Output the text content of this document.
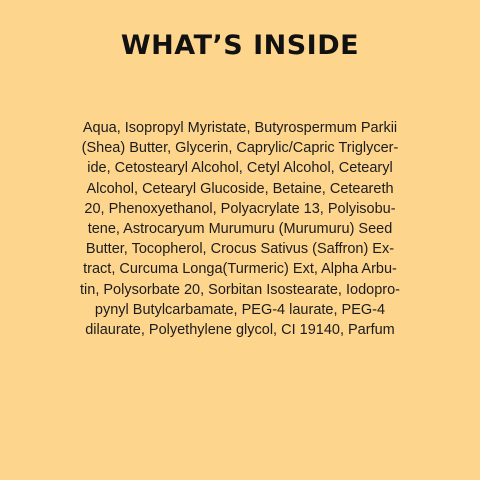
WHAT’S INSIDE
Aqua, Isopropyl Myristate, Butyrospermum Parkii
(Shea) Butter, Glycerin, Caprylic/Capric Triglycer-
ide, Cetostearyl Alcohol, Cetyl Alcohol, Cetearyl
Alcohol, Cetearyl Glucoside, Betaine, Ceteareth
20, Phenoxyethanol, Polyacrylate 13, Polyisobu-
tene, Astrocaryum Murumuru (Murumuru) Seed
Butter, Tocopherol, Crocus Sativus (Saffron) Ex-
tract, Curcuma Longa(Turmeric) Ext, Alpha Arbu-
tin, Polysorbate 20, Sorbitan Isostearate, Iodopro-
pynyl Butylcarbamate, PEG-4 laurate, PEG-4
dilaurate, Polyethylene glycol, CI 19140, Parfum
